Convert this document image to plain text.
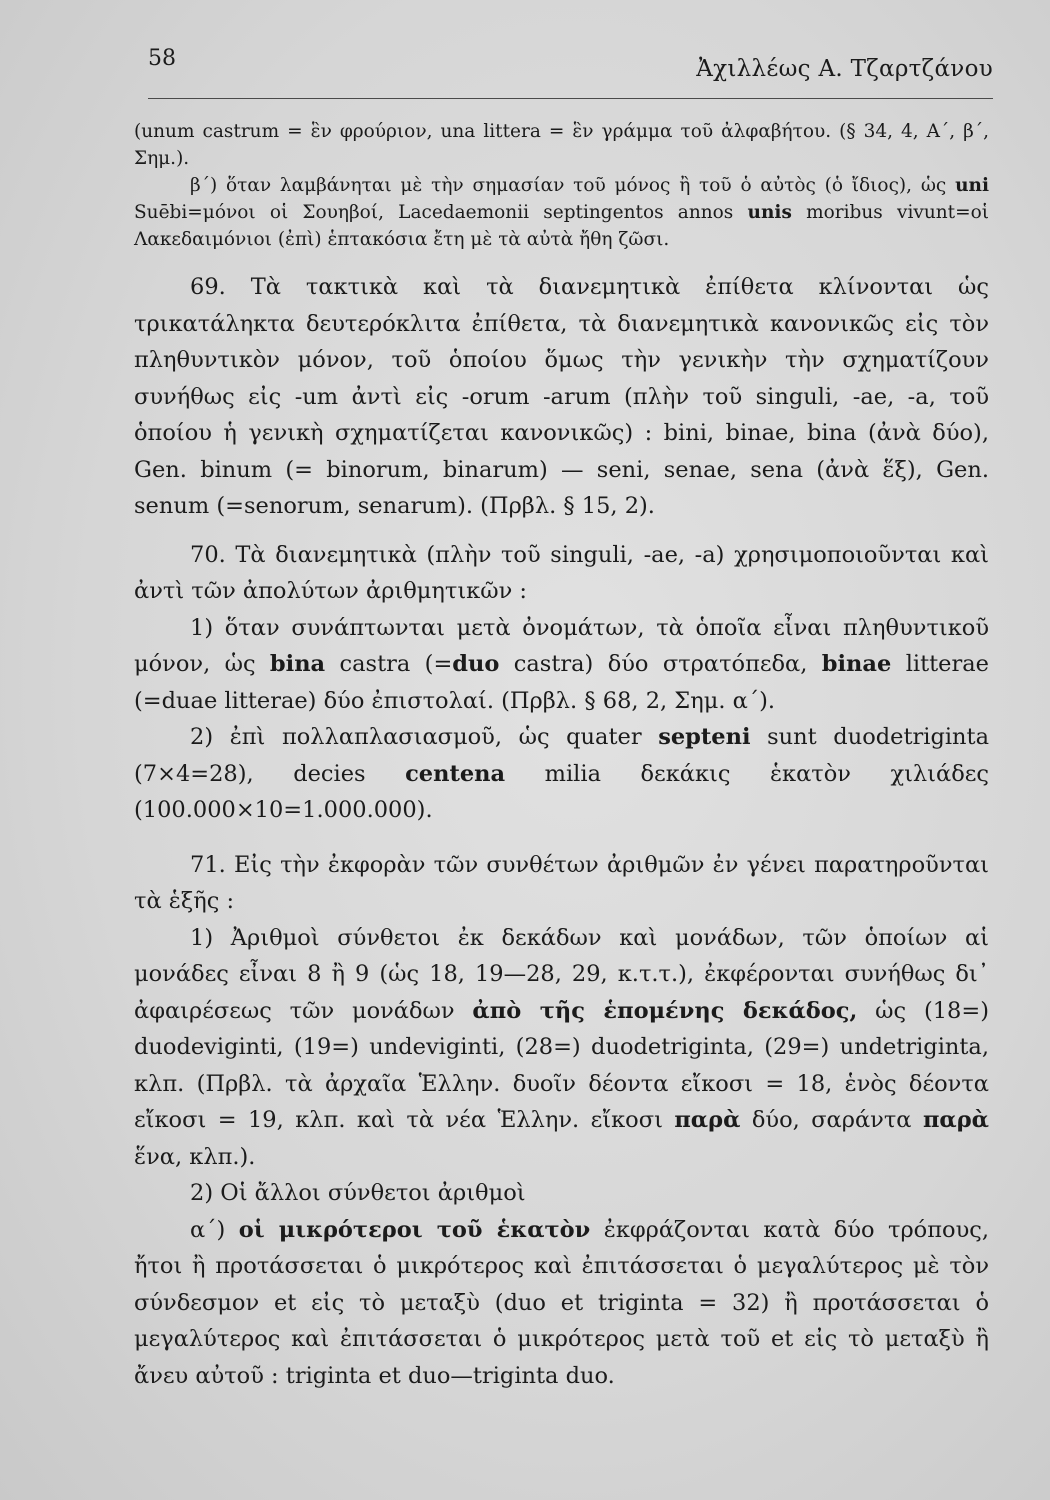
58	Ἀχιλλέως Α. Τζαρτζάνου

(unum castrum = ἓν φρούριον, una littera = ἓν γράμμα τοῦ ἀλφαβήτου. (§ 34, 4, Α΄, β΄, Σημ.).

β΄) ὅταν λαμβάνηται μὲ τὴν σημασίαν τοῦ μόνος ἢ τοῦ ὁ αὐτὸς (ὁ ἴδιος), ὡς uni Suēbi=μόνοι οἱ Σουηβοί, Lacedaemonii septingentos annos unis moribus vivunt=οἱ Λακεδαιμόνιοι (ἐπὶ) ἑπτακόσια ἔτη μὲ τὰ αὐτὰ ἤθη ζῶσι.

69. Τὰ τακτικὰ καὶ τὰ διανεμητικὰ ἐπίθετα κλίνονται ὡς τρικατάληκτα δευτερόκλιτα ἐπίθετα, τὰ διανεμητικὰ κανονικῶς εἰς τὸν πληθυντικὸν μόνον, τοῦ ὁποίου ὅμως τὴν γενικὴν τὴν σχηματίζουν συνήθως εἰς -um ἀντὶ εἰς -orum -arum (πλὴν τοῦ singuli, -ae, -a, τοῦ ὁποίου ἡ γενικὴ σχηματίζεται κανονικῶς) : bini, binae, bina (ἀνὰ δύο), Gen. binum (= binorum, binarum) — seni, senae, sena (ἀνὰ ἕξ), Gen. senum (=senorum, senarum). (Πρβλ. § 15, 2).

70. Τὰ διανεμητικὰ (πλὴν τοῦ singuli, -ae, -a) χρησιμοποιοῦνται καὶ ἀντὶ τῶν ἀπολύτων ἀριθμητικῶν :

1) ὅταν συνάπτωνται μετὰ ὀνομάτων, τὰ ὁποῖα εἶναι πληθυντικοῦ μόνον, ὡς bina castra (=duo castra) δύο στρατόπεδα, binae litterae (=duae litterae) δύο ἐπιστολαί. (Πρβλ. § 68, 2, Σημ. α΄).

2) ἐπὶ πολλαπλασιασμοῦ, ὡς quater septeni sunt duodetriginta (7×4=28), decies centena milia δεκάκις ἑκατὸν χιλιάδες (100.000×10=1.000.000).

71. Εἰς τὴν ἐκφορὰν τῶν συνθέτων ἀριθμῶν ἐν γένει παρατηροῦνται τὰ ἑξῆς :

1) Ἀριθμοὶ σύνθετοι ἐκ δεκάδων καὶ μονάδων, τῶν ὁποίων αἱ μονάδες εἶναι 8 ἢ 9 (ὡς 18, 19—28, 29, κ.τ.τ.), ἐκφέρονται συνήθως δι᾽ ἀφαιρέσεως τῶν μονάδων ἀπὸ τῆς ἑπομένης δεκάδος, ὡς (18=) duodeviginti, (19=) undeviginti, (28=) duodetriginta, (29=) undetriginta, κλπ. (Πρβλ. τὰ ἀρχαῖα Ἑλλην. δυοῖν δέοντα εἴκοσι = 18, ἑνὸς δέοντα εἴκοσι = 19, κλπ. καὶ τὰ νέα Ἑλλην. εἴκοσι παρὰ δύο, σαράντα παρὰ ἕνα, κλπ.).

2) Οἱ ἄλλοι σύνθετοι ἀριθμοὶ

α΄) οἱ μικρότεροι τοῦ ἑκατὸν ἐκφράζονται κατὰ δύο τρόπους, ἤτοι ἢ προτάσσεται ὁ μικρότερος καὶ ἐπιτάσσεται ὁ μεγαλύτερος μὲ τὸν σύνδεσμον et εἰς τὸ μεταξὺ (duo et triginta = 32) ἢ προτάσσεται ὁ μεγαλύτερος καὶ ἐπιτάσσεται ὁ μικρότερος μετὰ τοῦ et εἰς τὸ μεταξὺ ἢ ἄνευ αὐτοῦ : triginta et duo—triginta duo.
